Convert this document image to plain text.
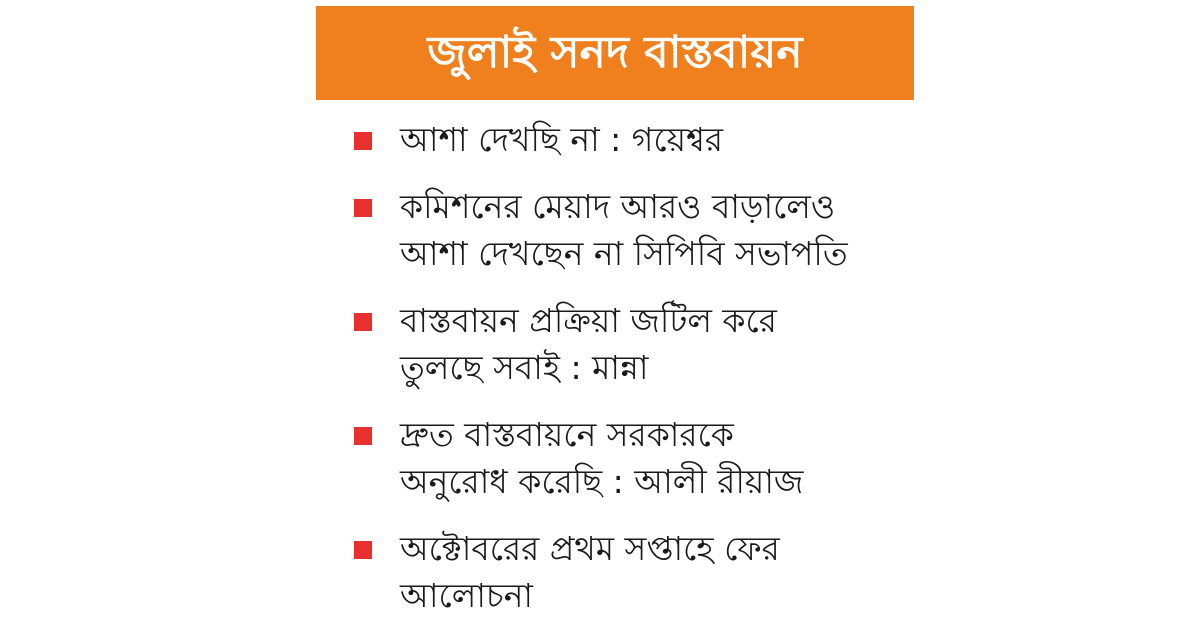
জুলাই সনদ বাস্তবায়ন
আশা দেখছি না : গয়েশ্বর
কমিশনের মেয়াদ আরও বাড়ালেও
আশা দেখছেন না সিপিবি সভাপতি
বাস্তবায়ন প্রক্রিয়া জটিল করে
তুলছে সবাই : মান্না
দ্রুত বাস্তবায়নে সরকারকে
অনুরোধ করেছি : আলী রীয়াজ
অক্টোবরের প্রথম সপ্তাহে ফের
আলোচনা
